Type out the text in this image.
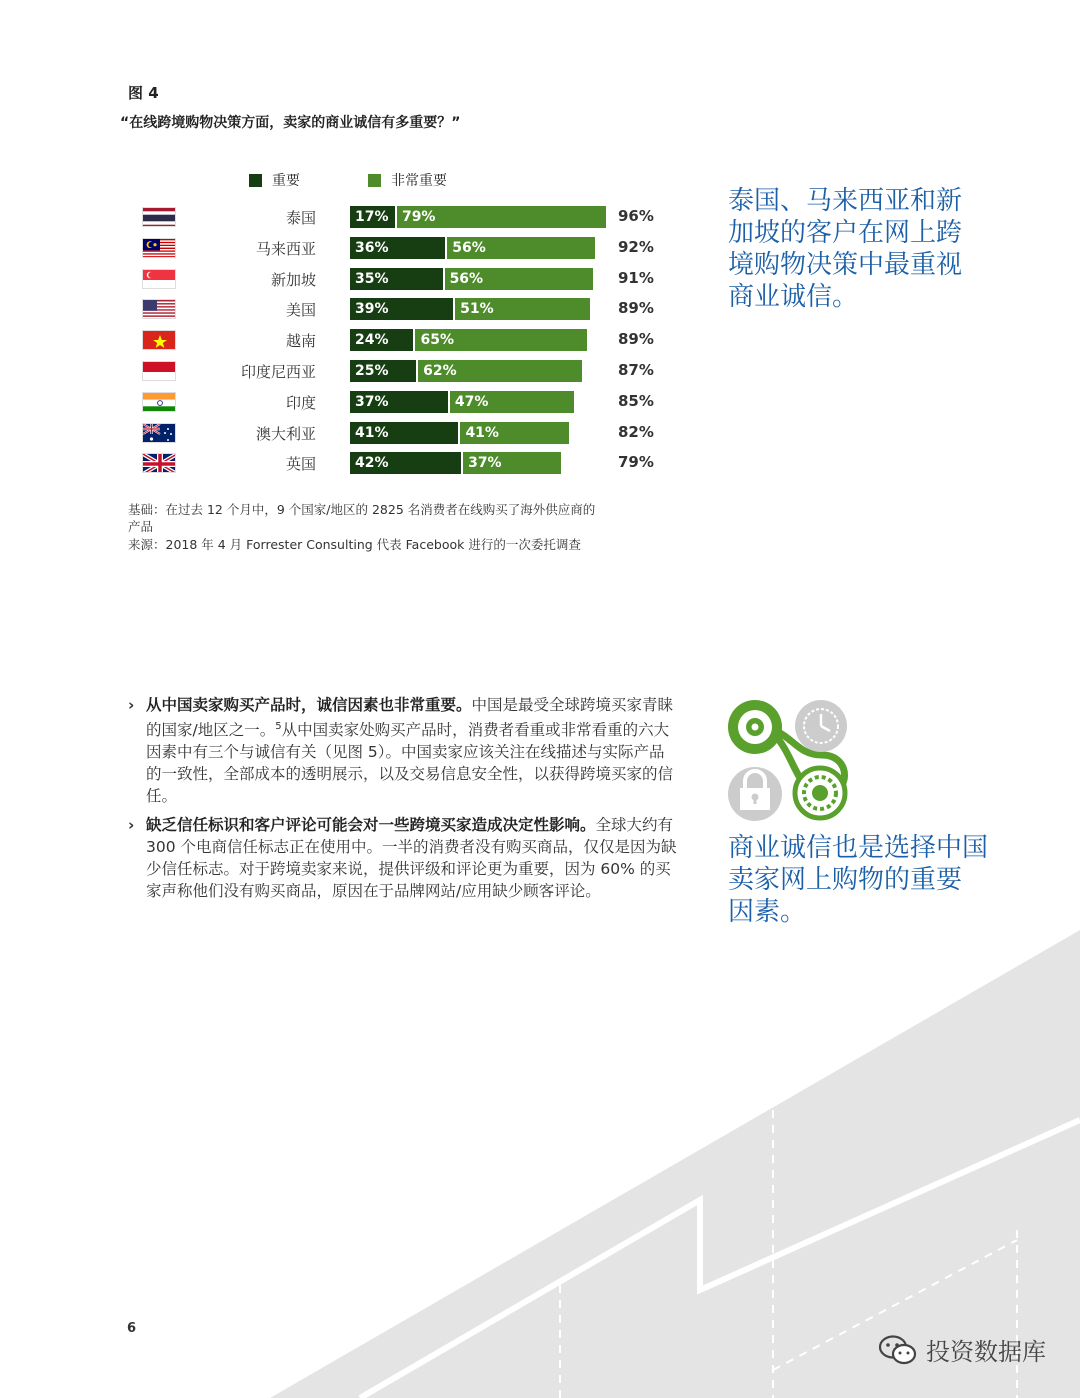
图 4
“在线跨境购物决策方面，卖家的商业诚信有多重要？”
重要	非常重要
泰国	17% 79%	96%
马来西亚	36%	56%	92%
新加坡	35%	56%	91%
美国	39%	51%	89%
越南	24%	65%	89%
印度尼西亚	25%	62%	87%
印度	37%	47%	85%
澳大利亚	41%	41%	82%
英国	42%	37%	79%
基础：在过去 12 个月中，9 个国家/地区的 2825 名消费者在线购买了海外供应商的
产品
来源：2018 年 4 月 Forrester Consulting 代表 Facebook 进行的一次委托调查
泰国、马来西亚和新
加坡的客户在网上跨
境购物决策中最重视
商业诚信。
商业诚信也是选择中国
卖家网上购物的重要
因素。
› 从中国卖家购买产品时，诚信因素也非常重要。中国是最受全球跨境买家青睐的国家/地区之一。$^5$从中国卖家处购买产品时，消费者看重或非常看重的六大因素中有三个与诚信有关（见图 5）。中国卖家应该关注在线描述与实际产品的一致性，全部成本的透明展示，以及交易信息安全性，以获得跨境买家的信任。
› 缺乏信任标识和客户评论可能会对一些跨境买家造成决定性影响。全球大约有 300 个电商信任标志正在使用中。一半的消费者没有购买商品，仅仅是因为缺少信任标志。对于跨境卖家来说，提供评级和评论更为重要，因为 60% 的买家声称他们没有购买商品，原因在于品牌网站/应用缺少顾客评论。
6
投资数据库
